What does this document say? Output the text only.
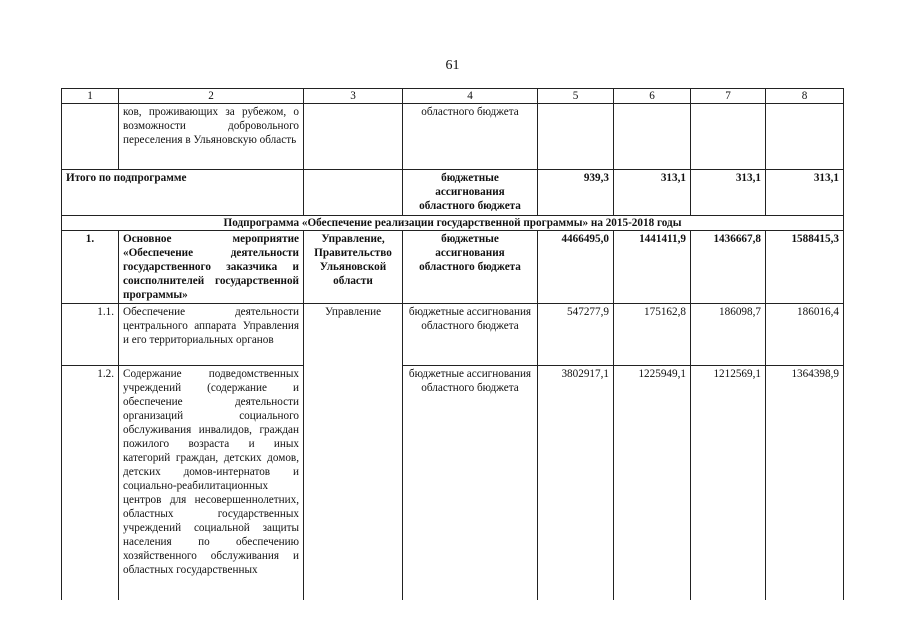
61
1	2	3	4	5	6	7	8
	ков, проживающих за рубежом, о возможности добровольного переселения в Ульяновскую область		областного бюджета				
Итого по подпрограмме			бюджетные ассигнования областного бюджета	939,3	313,1	313,1	313,1
Подпрограмма «Обеспечение реализации государственной программы» на 2015-2018 годы							
1.	Основное мероприятие «Обеспечение деятельности государственного заказчика и соисполнителей государственной программы»	Управление, Правительство Ульяновской области	бюджетные ассигнования областного бюджета	4466495,0	1441411,9	1436667,8	1588415,3
1.1.	Обеспечение деятельности центрального аппарата Управления и его территориальных органов	Управление	бюджетные ассигнования областного бюджета	547277,9	175162,8	186098,7	186016,4
1.2.	Содержание подведомственных учреждений (содержание и обеспечение деятельности организаций социального обслуживания инвалидов, граждан пожилого возраста и иных категорий граждан, детских домов, детских домов-интернатов и социально-реабилитационных центров для несовершеннолетних, областных государственных учреждений социальной защиты населения по обеспечению хозяйственного обслуживания и областных государственных		бюджетные ассигнования областного бюджета	3802917,1	1225949,1	1212569,1	1364398,9
